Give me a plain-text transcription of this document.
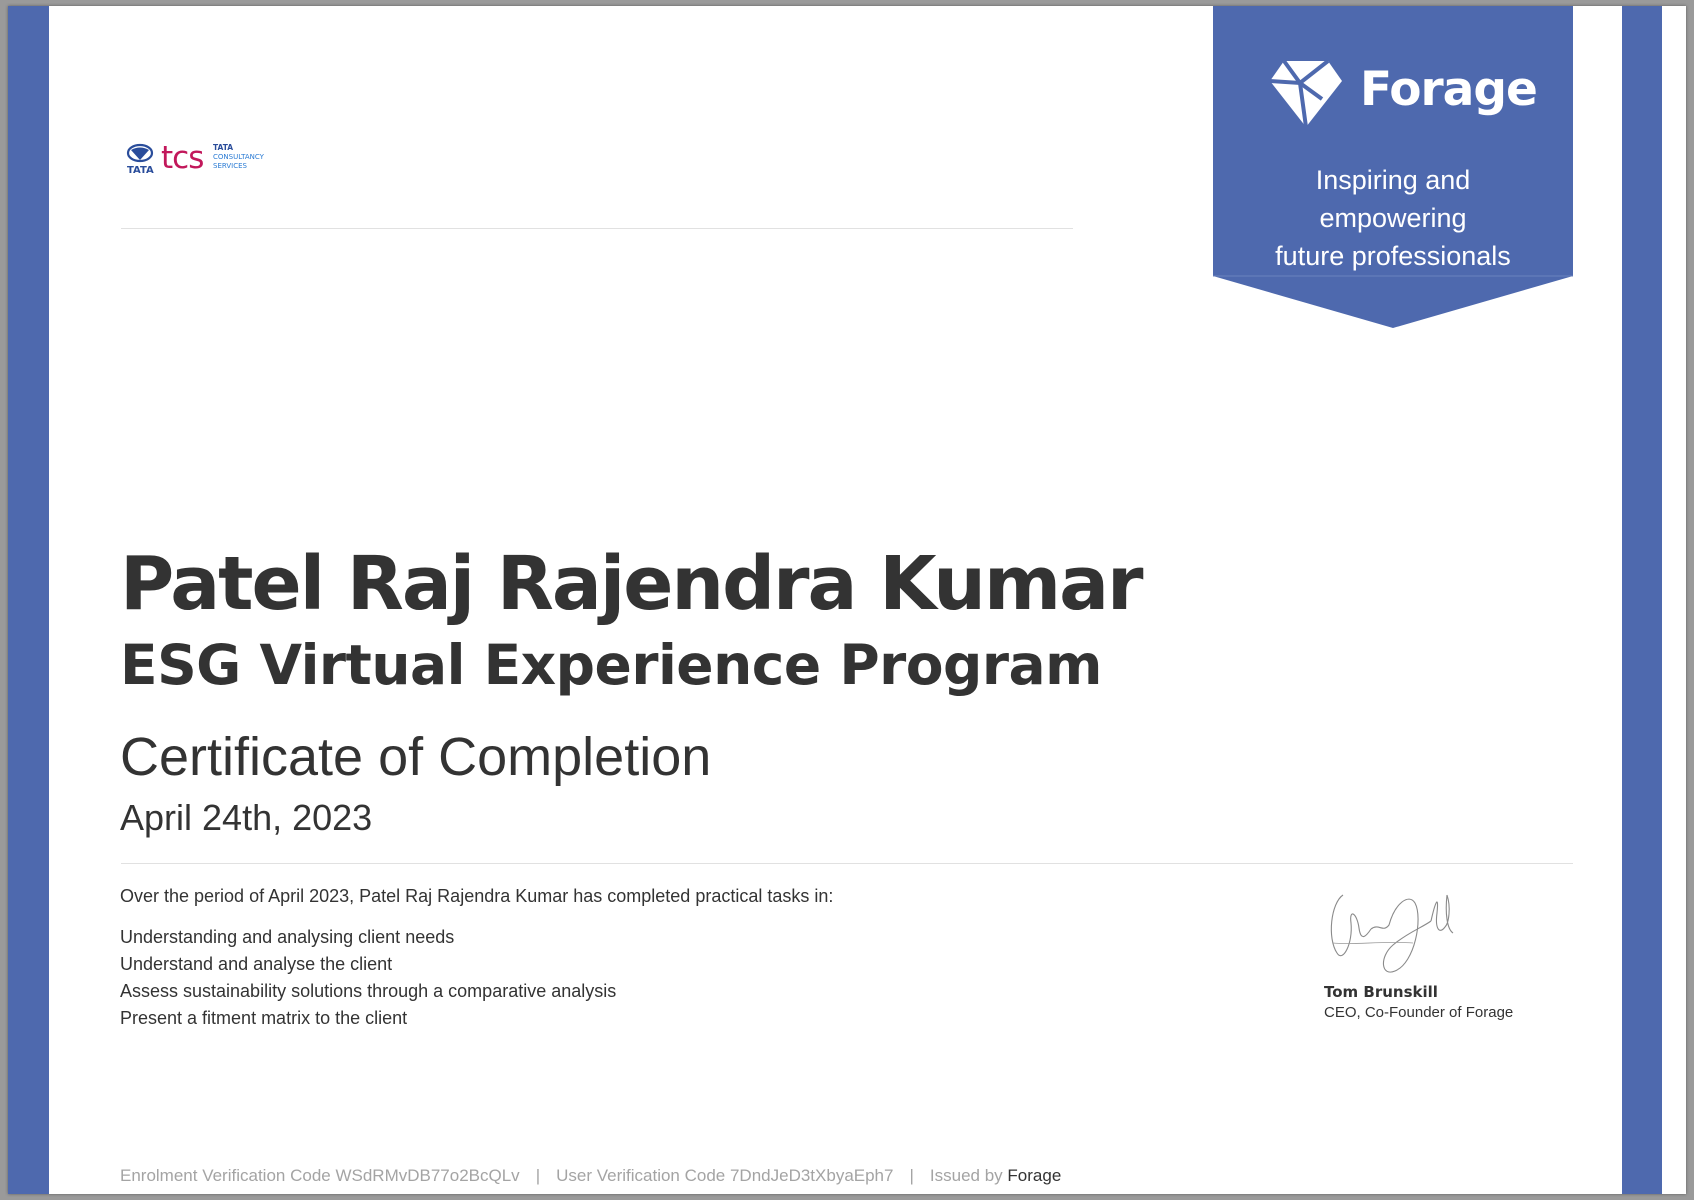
TATA tcs TATA
CONSULTANCY
SERVICES
Forage
Inspiring and
empowering
future professionals
Patel Raj Rajendra Kumar
ESG Virtual Experience Program
Certificate of Completion
April 24th, 2023
Over the period of April 2023, Patel Raj Rajendra Kumar has completed practical tasks in:
Understanding and analysing client needs
Understand and analyse the client
Assess sustainability solutions through a comparative analysis
Present a fitment matrix to the client
Tom Brunskill
CEO, Co-Founder of Forage
Enrolment Verification Code WSdRMvDB77o2BcQLv | User Verification Code 7DndJeD3tXbyaEph7 | Issued by Forage
